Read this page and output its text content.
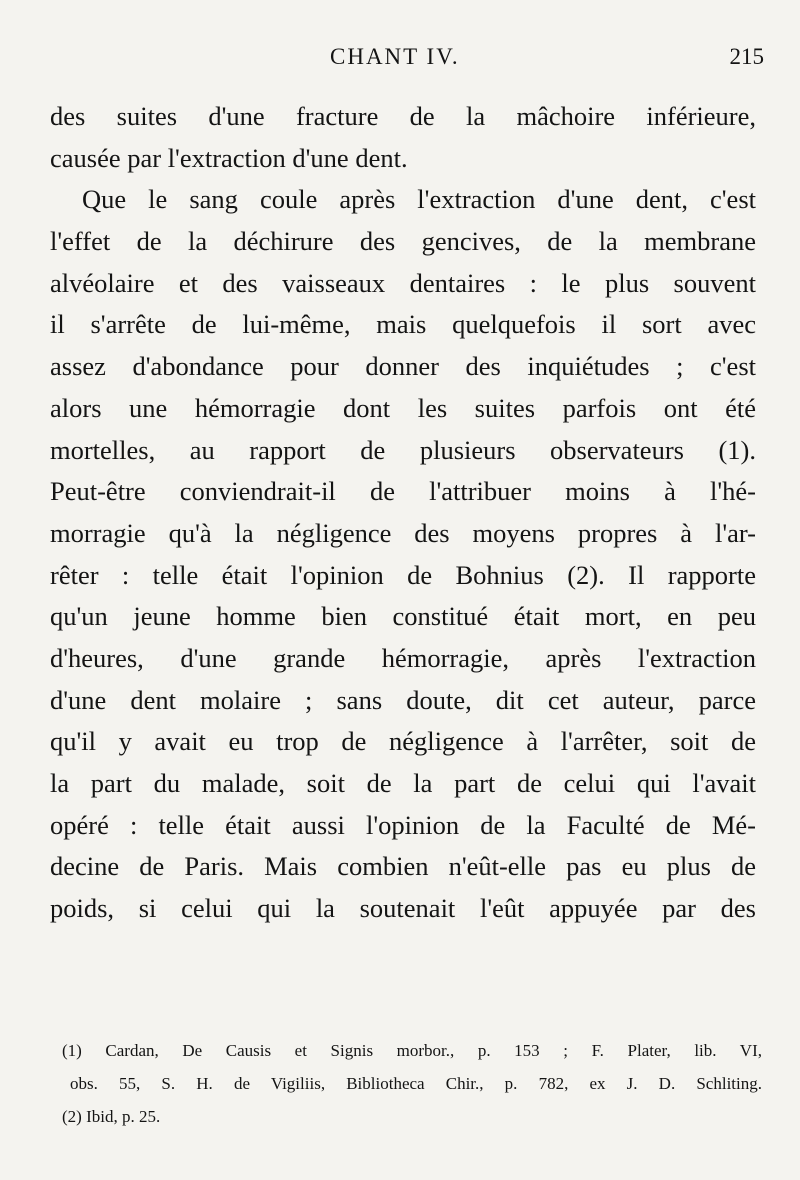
CHANT IV.	215
des suites d'une fracture de la mâchoire inférieure,
causée par l'extraction d'une dent.
Que le sang coule après l'extraction d'une dent, c'est
l'effet de la déchirure des gencives, de la membrane
alvéolaire et des vaisseaux dentaires : le plus souvent
il s'arrête de lui-même, mais quelquefois il sort avec
assez d'abondance pour donner des inquiétudes ; c'est
alors une hémorragie dont les suites parfois ont été
mortelles, au rapport de plusieurs observateurs (1).
Peut-être conviendrait-il de l'attribuer moins à l'hé-
morragie qu'à la négligence des moyens propres à l'ar-
rêter : telle était l'opinion de Bohnius (2). Il rapporte
qu'un jeune homme bien constitué était mort, en peu
d'heures, d'une grande hémorragie, après l'extraction
d'une dent molaire ; sans doute, dit cet auteur, parce
qu'il y avait eu trop de négligence à l'arrêter, soit de
la part du malade, soit de la part de celui qui l'avait
opéré : telle était aussi l'opinion de la Faculté de Mé-
decine de Paris. Mais combien n'eût-elle pas eu plus de
poids, si celui qui la soutenait l'eût appuyée par des
(1) Cardan, De Causis et Signis morbor., p. 153 ; F. Plater, lib. VI,
obs. 55, S. H. de Vigiliis, Bibliotheca Chir., p. 782, ex J. D. Schliting.
(2) Ibid, p. 25.
